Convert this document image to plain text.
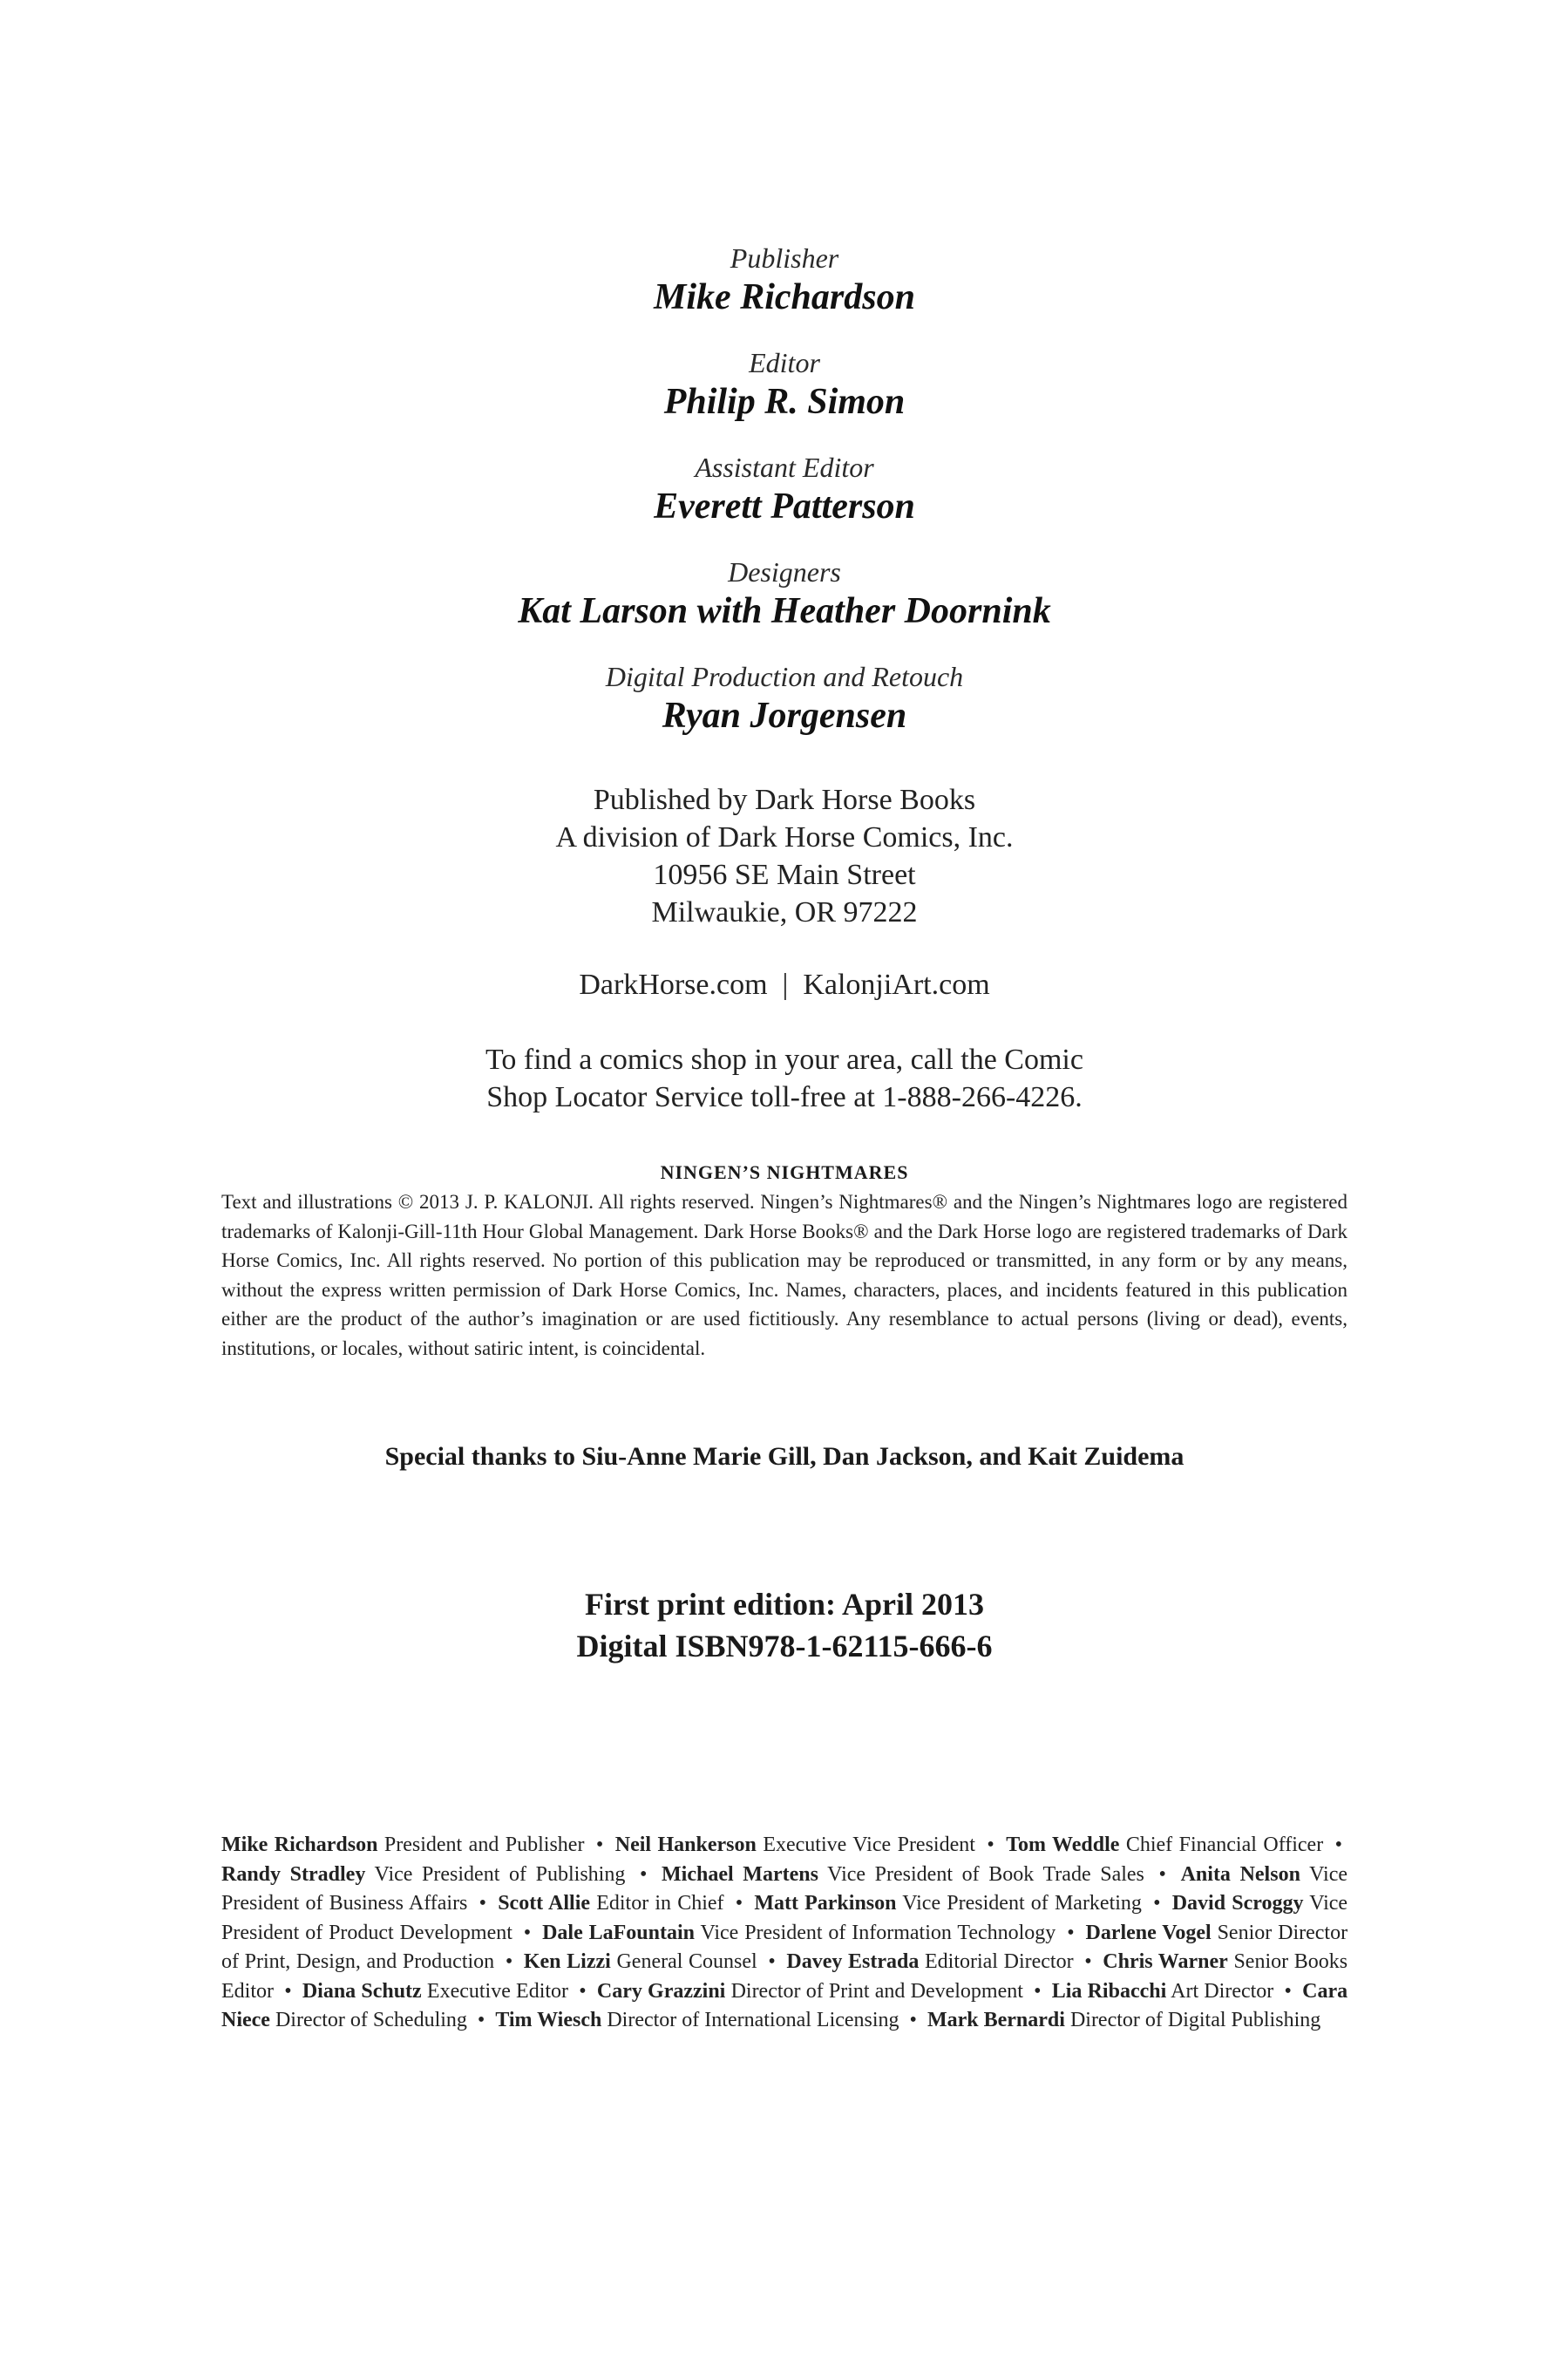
Publisher
Mike Richardson
Editor
Philip R. Simon
Assistant Editor
Everett Patterson
Designers
Kat Larson with Heather Doornink
Digital Production and Retouch
Ryan Jorgensen
Published by Dark Horse Books
A division of Dark Horse Comics, Inc.
10956 SE Main Street
Milwaukie, OR 97222
DarkHorse.com  |  KalonjiArt.com
To find a comics shop in your area, call the Comic
Shop Locator Service toll-free at 1-888-266-4226.
NINGEN’S NIGHTMARES
Text and illustrations © 2013 J. P. KALONJI. All rights reserved. Ningen’s Nightmares® and the Ningen’s Nightmares logo are registered trademarks of Kalonji-Gill-11th Hour Global Management. Dark Horse Books® and the Dark Horse logo are registered trademarks of Dark Horse Comics, Inc. All rights reserved. No portion of this publication may be reproduced or transmitted, in any form or by any means, without the express written permission of Dark Horse Comics, Inc. Names, characters, places, and incidents featured in this publication either are the product of the author’s imagination or are used fictitiously. Any resemblance to actual persons (living or dead), events, institutions, or locales, without satiric intent, is coincidental.
Special thanks to Siu-Anne Marie Gill, Dan Jackson, and Kait Zuidema
First print edition: April 2013
Digital ISBN978-1-62115-666-6
Mike Richardson President and Publisher • Neil Hankerson Executive Vice President • Tom Weddle Chief Financial Officer • Randy Stradley Vice President of Publishing • Michael Martens Vice President of Book Trade Sales • Anita Nelson Vice President of Business Affairs • Scott Allie Editor in Chief • Matt Parkinson Vice President of Marketing • David Scroggy Vice President of Product Development • Dale LaFountain Vice President of Information Technology • Darlene Vogel Senior Director of Print, Design, and Production • Ken Lizzi General Counsel • Davey Estrada Editorial Director • Chris Warner Senior Books Editor • Diana Schutz Executive Editor • Cary Grazzini Director of Print and Development • Lia Ribacchi Art Director • Cara Niece Director of Scheduling • Tim Wiesch Director of International Licensing • Mark Bernardi Director of Digital Publishing
